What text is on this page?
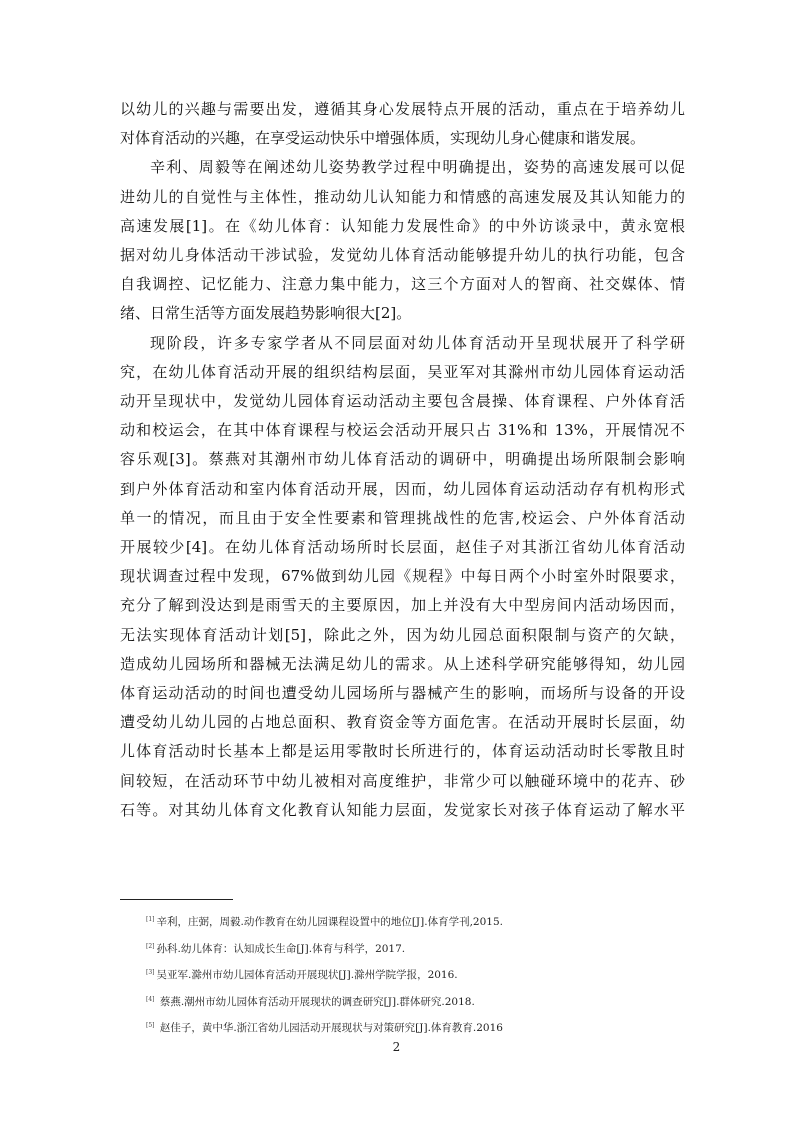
以幼儿的兴趣与需要出发，遵循其身心发展特点开展的活动，重点在于培养幼儿
对体育活动的兴趣，在享受运动快乐中增强体质，实现幼儿身心健康和谐发展。

辛利、周毅等在阐述幼儿姿势教学过程中明确提出，姿势的高速发展可以促
进幼儿的自觉性与主体性，推动幼儿认知能力和情感的高速发展及其认知能力的
高速发展[1]。在《幼儿体育：认知能力发展性命》的中外访谈录中，黄永宽根
据对幼儿身体活动干涉试验，发觉幼儿体育活动能够提升幼儿的执行功能，包含
自我调控、记忆能力、注意力集中能力，这三个方面对人的智商、社交媒体、情
绪、日常生活等方面发展趋势影响很大[2]。

现阶段，许多专家学者从不同层面对幼儿体育活动开呈现状展开了科学研
究，在幼儿体育活动开展的组织结构层面，吴亚军对其滁州市幼儿园体育运动活
动开呈现状中，发觉幼儿园体育运动活动主要包含晨操、体育课程、户外体育活
动和校运会，在其中体育课程与校运会活动开展只占 31%和 13%，开展情况不
容乐观[3]。蔡燕对其潮州市幼儿体育活动的调研中，明确提出场所限制会影响
到户外体育活动和室内体育活动开展，因而，幼儿园体育运动活动存有机构形式
单一的情况，而且由于安全性要素和管理挑战性的危害,校运会、户外体育活动
开展较少[4]。在幼儿体育活动场所时长层面，赵佳子对其浙江省幼儿体育活动
现状调查过程中发现，67%做到幼儿园《规程》中每日两个小时室外时限要求，
充分了解到没达到是雨雪天的主要原因，加上并没有大中型房间内活动场因而，
无法实现体育活动计划[5]，除此之外，因为幼儿园总面积限制与资产的欠缺，
造成幼儿园场所和器械无法满足幼儿的需求。从上述科学研究能够得知，幼儿园
体育运动活动的时间也遭受幼儿园场所与器械产生的影响，而场所与设备的开设
遭受幼儿幼儿园的占地总面积、教育资金等方面危害。在活动开展时长层面，幼
儿体育活动时长基本上都是运用零散时长所进行的，体育运动活动时长零散且时
间较短，在活动环节中幼儿被相对高度维护，非常少可以触碰环境中的花卉、砂
石等。对其幼儿体育文化教育认知能力层面，发觉家长对孩子体育运动了解水平

[1] 辛利，庄弼，周毅.动作教育在幼儿园课程设置中的地位[J].体育学刊,2015.
[2] 孙科.幼儿体育：认知成长生命[J].体育与科学，2017.
[3] 吴亚军.滁州市幼儿园体育活动开展现状[J].滁州学院学报，2016.
[4] 蔡燕.潮州市幼儿园体育活动开展现状的调查研究[J].群体研究.2018.
[5] 赵佳子，黄中华.浙江省幼儿园活动开展现状与对策研究[J].体育教育.2016
2
